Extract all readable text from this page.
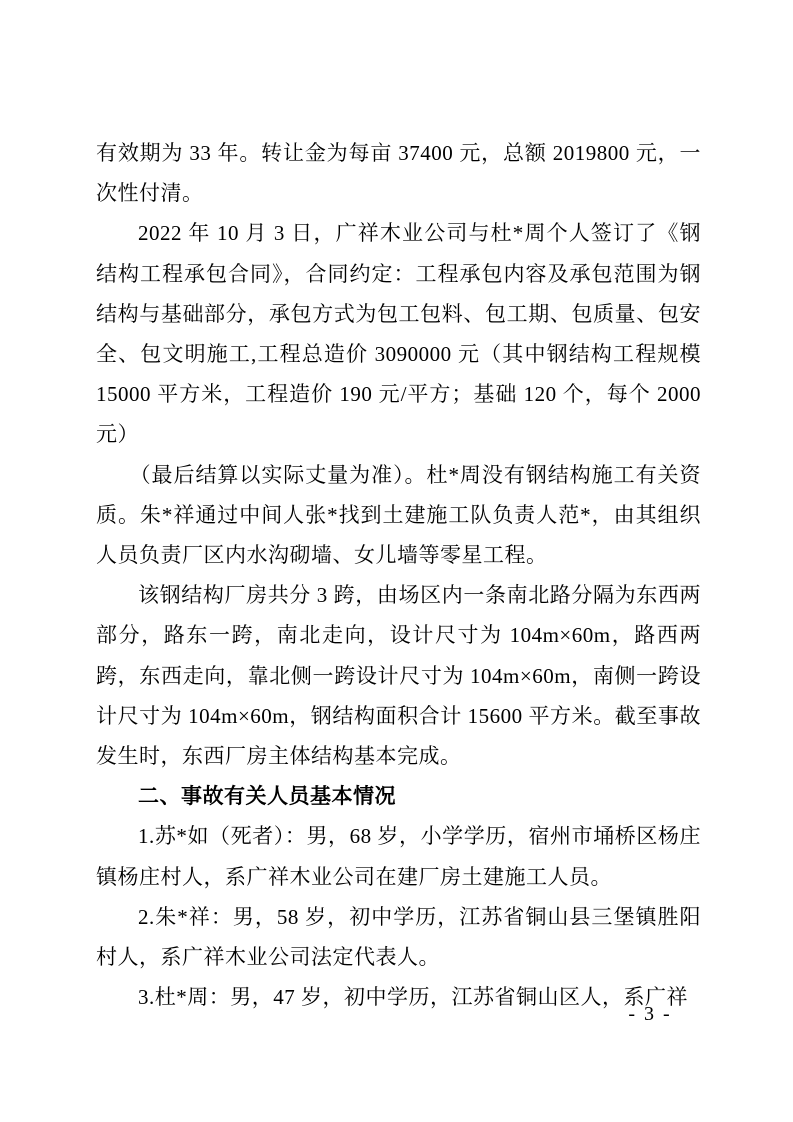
有效期为 33 年。转让金为每亩 37400 元，总额 2019800 元，一次性付清。

2022 年 10 月 3 日，广祥木业公司与杜*周个人签订了《钢结构工程承包合同》，合同约定：工程承包内容及承包范围为钢结构与基础部分，承包方式为包工包料、包工期、包质量、包安全、包文明施工,工程总造价 3090000 元（其中钢结构工程规模 15000 平方米，工程造价 190 元/平方；基础 120 个，每个 2000 元）

（最后结算以实际丈量为准）。杜*周没有钢结构施工有关资质。朱*祥通过中间人张*找到土建施工队负责人范*，由其组织人员负责厂区内水沟砌墙、女儿墙等零星工程。

该钢结构厂房共分 3 跨，由场区内一条南北路分隔为东西两部分，路东一跨，南北走向，设计尺寸为 104m×60m，路西两跨，东西走向，靠北侧一跨设计尺寸为 104m×60m，南侧一跨设计尺寸为 104m×60m，钢结构面积合计 15600 平方米。截至事故发生时，东西厂房主体结构基本完成。

二、事故有关人员基本情况

1.苏*如（死者）：男，68 岁，小学学历，宿州市埇桥区杨庄镇杨庄村人，系广祥木业公司在建厂房土建施工人员。

2.朱*祥：男，58 岁，初中学历，江苏省铜山县三堡镇胜阳村人，系广祥木业公司法定代表人。

3.杜*周：男，47 岁，初中学历，江苏省铜山区人，系广祥

- 3 -
